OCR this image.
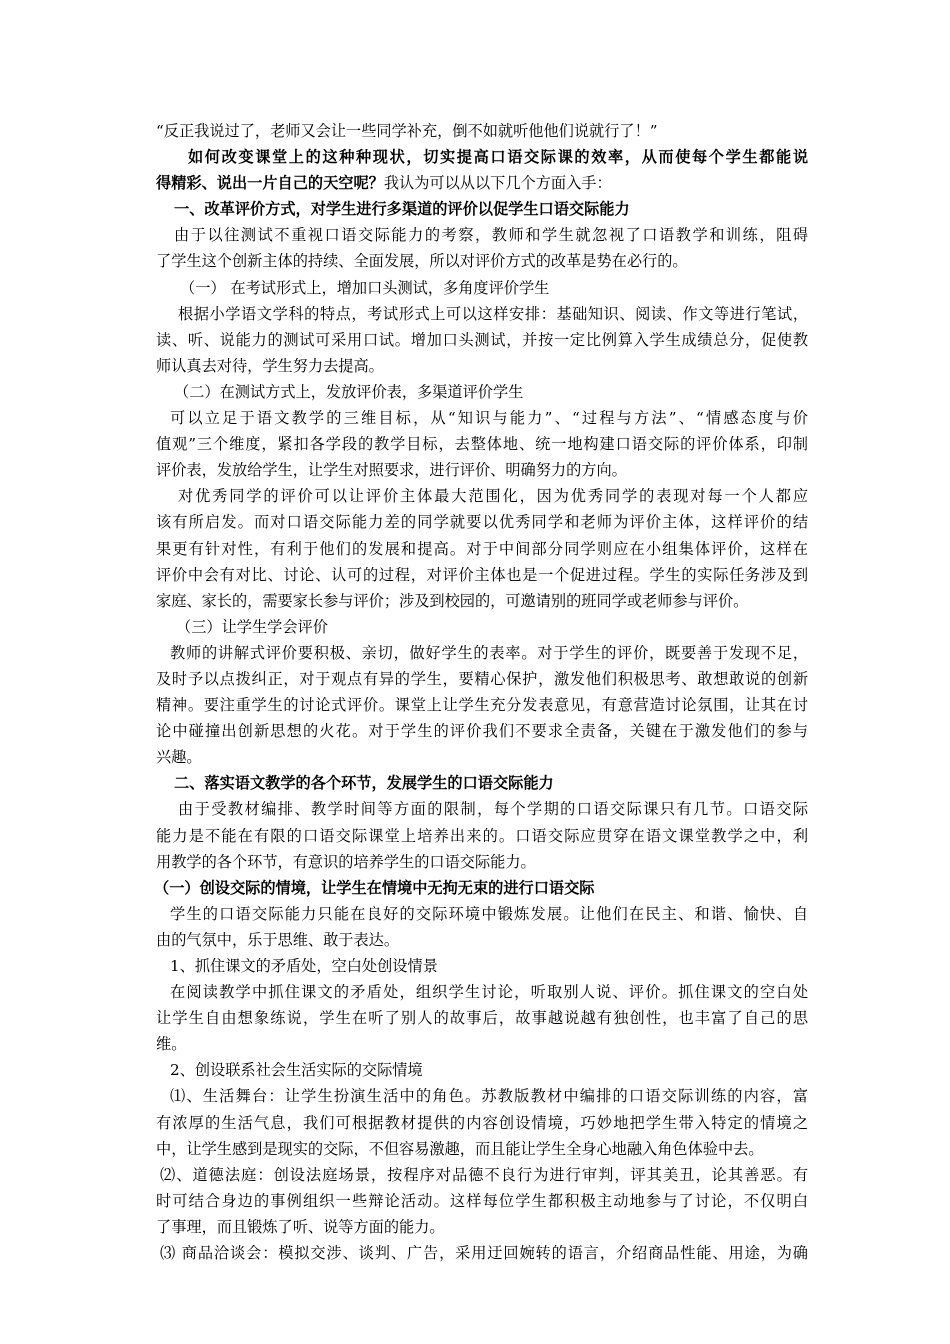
“反正我说过了，老师又会让一些同学补充，倒不如就听他他们说就行了！”
如何改变课堂上的这种种现状，切实提高口语交际课的效率，从而使每个学生都能说
得精彩、说出一片自己的天空呢？我认为可以从以下几个方面入手：
一、改革评价方式，对学生进行多渠道的评价以促学生口语交际能力
由于以往测试不重视口语交际能力的考察，教师和学生就忽视了口语教学和训练，阻碍
了学生这个创新主体的持续、全面发展，所以对评价方式的改革是势在必行的。
（一） 在考试形式上，增加口头测试，多角度评价学生
根据小学语文学科的特点，考试形式上可以这样安排：基础知识、阅读、作文等进行笔试，
读、听、说能力的测试可采用口试。增加口头测试，并按一定比例算入学生成绩总分，促使教
师认真去对待，学生努力去提高。
（二）在测试方式上，发放评价表，多渠道评价学生
可以立足于语文教学的三维目标，从“知识与能力”、“过程与方法”、“情感态度与价
值观”三个维度，紧扣各学段的教学目标，去整体地、统一地构建口语交际的评价体系，印制
评价表，发放给学生，让学生对照要求，进行评价、明确努力的方向。
对优秀同学的评价可以让评价主体最大范围化，因为优秀同学的表现对每一个人都应
该有所启发。而对口语交际能力差的同学就要以优秀同学和老师为评价主体，这样评价的结
果更有针对性，有利于他们的发展和提高。对于中间部分同学则应在小组集体评价，这样在
评价中会有对比、讨论、认可的过程，对评价主体也是一个促进过程。学生的实际任务涉及到
家庭、家长的，需要家长参与评价；涉及到校园的，可邀请别的班同学或老师参与评价。
（三）让学生学会评价
教师的讲解式评价要积极、亲切，做好学生的表率。对于学生的评价，既要善于发现不足，
及时予以点拨纠正，对于观点有异的学生，要精心保护，激发他们积极思考、敢想敢说的创新
精神。要注重学生的讨论式评价。课堂上让学生充分发表意见，有意营造讨论氛围，让其在讨
论中碰撞出创新思想的火花。对于学生的评价我们不要求全责备，关键在于激发他们的参与
兴趣。
二、落实语文教学的各个环节，发展学生的口语交际能力
由于受教材编排、教学时间等方面的限制，每个学期的口语交际课只有几节。口语交际
能力是不能在有限的口语交际课堂上培养出来的。口语交际应贯穿在语文课堂教学之中，利
用教学的各个环节，有意识的培养学生的口语交际能力。
（一）创设交际的情境，让学生在情境中无拘无束的进行口语交际
学生的口语交际能力只能在良好的交际环境中锻炼发展。让他们在民主、和谐、愉快、自
由的气氛中，乐于思维、敢于表达。
1、抓住课文的矛盾处，空白处创设情景
在阅读教学中抓住课文的矛盾处，组织学生讨论，听取别人说、评价。抓住课文的空白处
让学生自由想象练说，学生在听了别人的故事后，故事越说越有独创性，也丰富了自己的思
维。
2、创设联系社会生活实际的交际情境
⑴、生活舞台：让学生扮演生活中的角色。苏教版教材中编排的口语交际训练的内容，富
有浓厚的生活气息，我们可根据教材提供的内容创设情境，巧妙地把学生带入特定的情境之
中，让学生感到是现实的交际，不但容易激趣，而且能让学生全身心地融入角色体验中去。
⑵、道德法庭：创设法庭场景，按程序对品德不良行为进行审判，评其美丑，论其善恶。有
时可结合身边的事例组织一些辩论活动。这样每位学生都积极主动地参与了讨论，不仅明白
了事理，而且锻炼了听、说等方面的能力。
⑶ 商品洽谈会：模拟交涉、谈判、广告，采用迂回婉转的语言，介绍商品性能、用途，为确
